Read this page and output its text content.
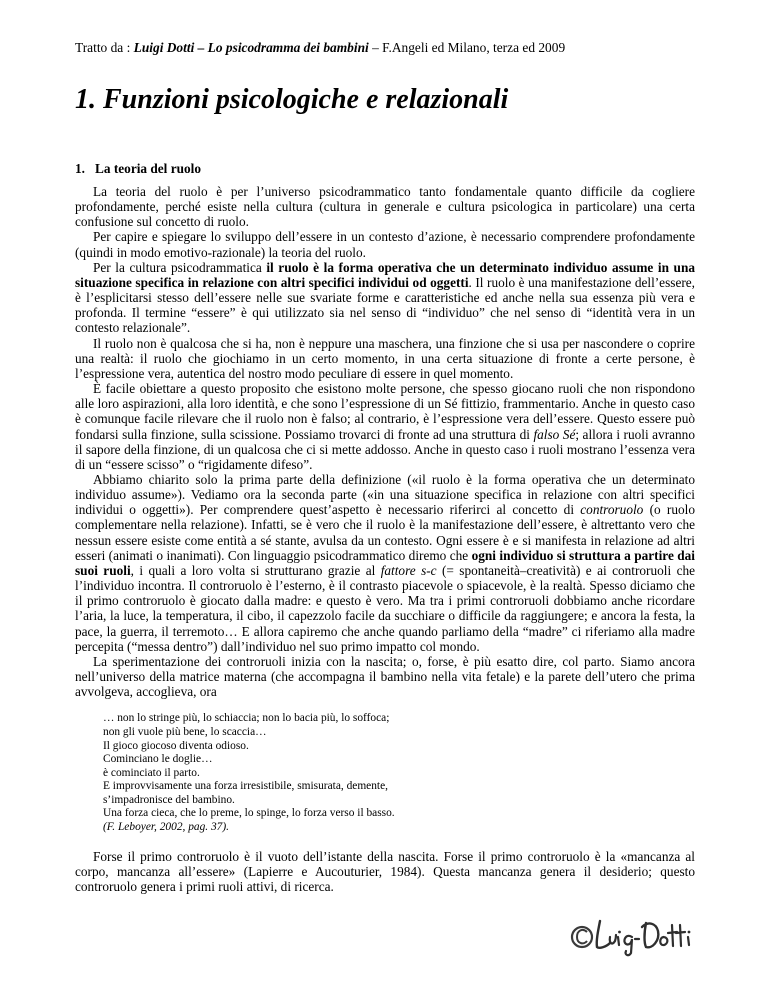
Tratto da : Luigi Dotti – Lo psicodramma dei bambini – F.Angeli ed Milano, terza ed 2009
1. Funzioni psicologiche e relazionali
1. La teoria del ruolo

La teoria del ruolo è per l’universo psicodrammatico tanto fondamentale quanto difficile da cogliere profondamente, perché esiste nella cultura (cultura in generale e cultura psicologica in particolare) una certa confusione sul concetto di ruolo.

Per capire e spiegare lo sviluppo dell’essere in un contesto d’azione, è necessario comprendere profondamente (quindi in modo emotivo-razionale) la teoria del ruolo.

Per la cultura psicodrammatica il ruolo è la forma operativa che un determinato individuo assume in una situazione specifica in relazione con altri specifici individui od oggetti. Il ruolo è una manifestazione dell’essere, è l’esplicitarsi stesso dell’essere nelle sue svariate forme e caratteristiche ed anche nella sua essenza più vera e profonda. Il termine “essere” è qui utilizzato sia nel senso di “individuo” che nel senso di “identità vera in un contesto relazionale”.

Il ruolo non è qualcosa che si ha, non è neppure una maschera, una finzione che si usa per nascondere o coprire una realtà: il ruolo che giochiamo in un certo momento, in una certa situazione di fronte a certe persone, è l’espressione vera, autentica del nostro modo peculiare di essere in quel momento.

È facile obiettare a questo proposito che esistono molte persone, che spesso giocano ruoli che non rispondono alle loro aspirazioni, alla loro identità, e che sono l’espressione di un Sé fittizio, frammentario. Anche in questo caso è comunque facile rilevare che il ruolo non è falso; al contrario, è l’espressione vera dell’essere. Questo essere può fondarsi sulla finzione, sulla scissione. Possiamo trovarci di fronte ad una struttura di falso Sé; allora i ruoli avranno il sapore della finzione, di un qualcosa che ci si mette addosso. Anche in questo caso i ruoli mostrano l’essenza vera di un “essere scisso” o “rigidamente difeso”.

Abbiamo chiarito solo la prima parte della definizione («il ruolo è la forma operativa che un determinato individuo assume»). Vediamo ora la seconda parte («in una situazione specifica in relazione con altri specifici individui o oggetti»). Per comprendere quest’aspetto è necessario riferirci al concetto di controruolo (o ruolo complementare nella relazione). Infatti, se è vero che il ruolo è la manifestazione dell’essere, è altrettanto vero che nessun essere esiste come entità a sé stante, avulsa da un contesto. Ogni essere è e si manifesta in relazione ad altri esseri (animati o inanimati). Con linguaggio psicodrammatico diremo che ogni individuo si struttura a partire dai suoi ruoli, i quali a loro volta si strutturano grazie al fattore s-c (= spontaneità–creatività) e ai controruoli che l’individuo incontra. Il controruolo è l’esterno, è il contrasto piacevole o spiacevole, è la realtà. Spesso diciamo che il primo controruolo è giocato dalla madre: e questo è vero. Ma tra i primi controruoli dobbiamo anche ricordare l’aria, la luce, la temperatura, il cibo, il capezzolo facile da succhiare o difficile da raggiungere; e ancora la festa, la pace, la guerra, il terremoto… E allora capiremo che anche quando parliamo della “madre” ci riferiamo alla madre percepita (“messa dentro”) dall’individuo nel suo primo impatto col mondo.

La sperimentazione dei controruoli inizia con la nascita; o, forse, è più esatto dire, col parto. Siamo ancora nell’universo della matrice materna (che accompagna il bambino nella vita fetale) e la parete dell’utero che prima avvolgeva, accoglieva, ora

… non lo stringe più, lo schiaccia; non lo bacia più, lo soffoca;
non gli vuole più bene, lo scaccia…
Il gioco giocoso diventa odioso.
Cominciano le doglie…
è cominciato il parto.
E improvvisamente una forza irresistibile, smisurata, demente,
s’impadronisce del bambino.
Una forza cieca, che lo preme, lo spinge, lo forza verso il basso.
(F. Leboyer, 2002, pag. 37).

Forse il primo controruolo è il vuoto dell’istante della nascita. Forse il primo controruolo è la «mancanza al corpo, mancanza all’essere» (Lapierre e Aucouturier, 1984). Questa mancanza genera il desiderio; questo controruolo genera i primi ruoli attivi, di ricerca.
